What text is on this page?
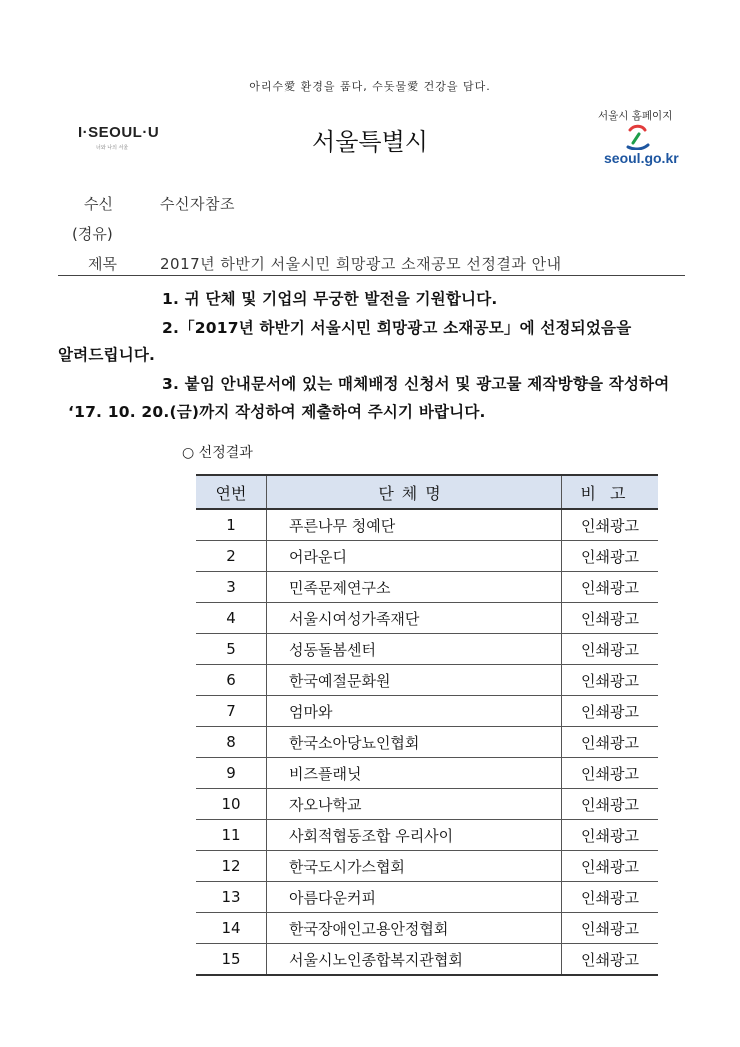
아리수愛 환경을 품다, 수돗물愛 건강을 담다.
I·SEOUL·U
너와 나의 서울	서울특별시
서울시 홈페이지
seoul.go.kr
수신	수신자참조
(경유)
제목	2017년 하반기 서울시민 희망광고 소재공모 선정결과 안내
1. 귀 단체 및 기업의 무궁한 발전을 기원합니다.
2.「2017년 하반기 서울시민 희망광고 소재공모」에 선정되었음을
알려드립니다.
3. 붙임 안내문서에 있는 매체배정 신청서 및 광고물 제작방향을 작성하여
‘17. 10. 20.(금)까지 작성하여 제출하여 주시기 바랍니다.
○ 선정결과
연번	단체명	비고
1	푸른나무 청예단	인쇄광고
2	어라운디	인쇄광고
3	민족문제연구소	인쇄광고
4	서울시여성가족재단	인쇄광고
5	성동돌봄센터	인쇄광고
6	한국예절문화원	인쇄광고
7	엄마와	인쇄광고
8	한국소아당뇨인협회	인쇄광고
9	비즈플래닛	인쇄광고
10	자오나학교	인쇄광고
11	사회적협동조합 우리사이	인쇄광고
12	한국도시가스협회	인쇄광고
13	아름다운커피	인쇄광고
14	한국장애인고용안정협회	인쇄광고
15	서울시노인종합복지관협회	인쇄광고
